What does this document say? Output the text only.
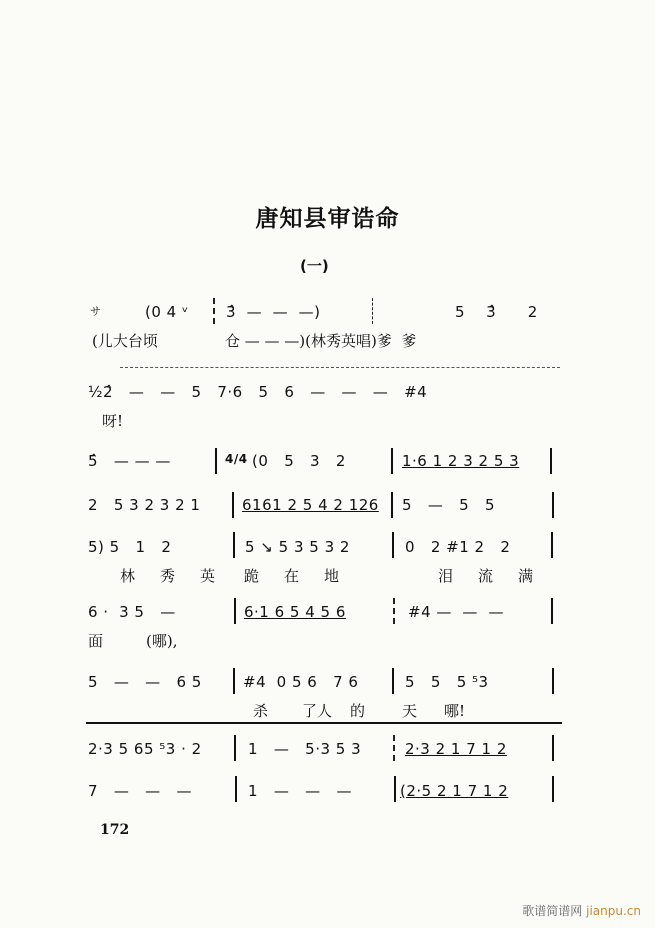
唐知县审诰命
(一)
サ	(0 4 ᵛ 3̂  —  —  —)	5    3̂      2
(儿大台顷	仓 — — —)(林秀英唱)爹  爹
½2̂   —   —   5   7·6   5   6   —   —   —   #4
呀!
5̂   — — —	4/4 (0   5   3   2	1·6 1 2 3 2 5 3
2   5 3 2 3 2 1	6161 2 5 4 2 126 5   —   5   5
5) 5   1   2	5 ↘ 5 3 5 3 2	0   2 #1 2   2
林 秀 英 跪 在 地	泪 流 满
6 ·  3 5   —	6·1 6 5 4 5 6	#4 —  —  —
面	(哪),
5   —   —   6 5	#4  0 5 6   7 6	5   5   5 ⁵3
杀 了人 的 天 哪!
2·3 5 65 ⁵3 · 2	1   —   5·3 5 3	2·3 2 1 7 1 2
7   —   —   —	1   —   —   —	(2·5 2 1 7 1 2
172
歌谱简谱网 jianpu.cn
